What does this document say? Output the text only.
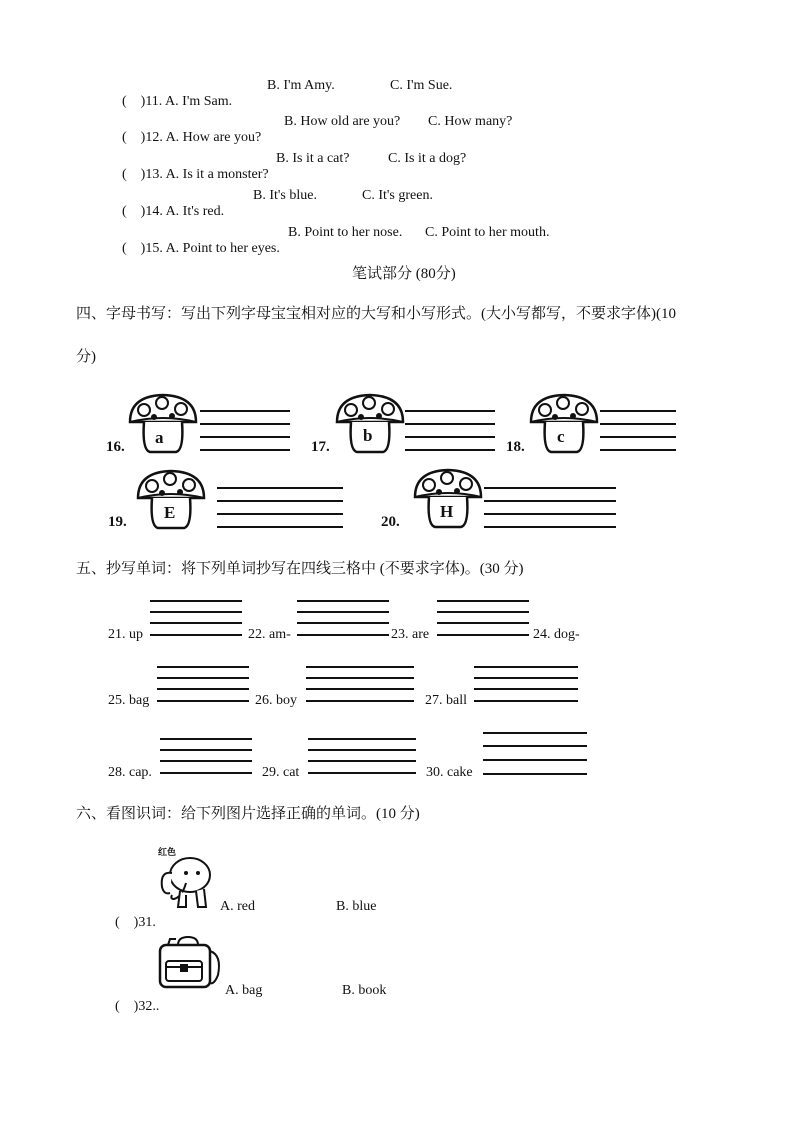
(    )11. A. I'm Sam.

B. I'm Amy.	C. I'm Sue.

(    )12. A. How are you?

B. How old are you? C. How many?

(    )13. A. Is it a monster?

B. Is it a cat?	C. Is it a dog?

(    )14. A. It's red.

B. It's blue.	C. It's green.

(    )15. A. Point to her eyes.

B. Point to her nose. C. Point to her mouth.
笔试部分 (80分)
四、字母书写：写出下列字母宝宝相对应的大写和小写形式。(大小写都写，不要求字体)(10
分)
16. a	17.
b
18.
c
19. E	20.
H
五、抄写单词：将下列单词抄写在四线三格中 (不要求字体)。(30 分)
21. up	22. am-	23. are	24. dog-
25. bag	26. boy	27. ball
28. cap.	29. cat	30. cake
六、看图识词：给下列图片选择正确的单词。(10 分)
红色

(    )31.

A. red	B. blue

(    )32..

A. bag	B. book
